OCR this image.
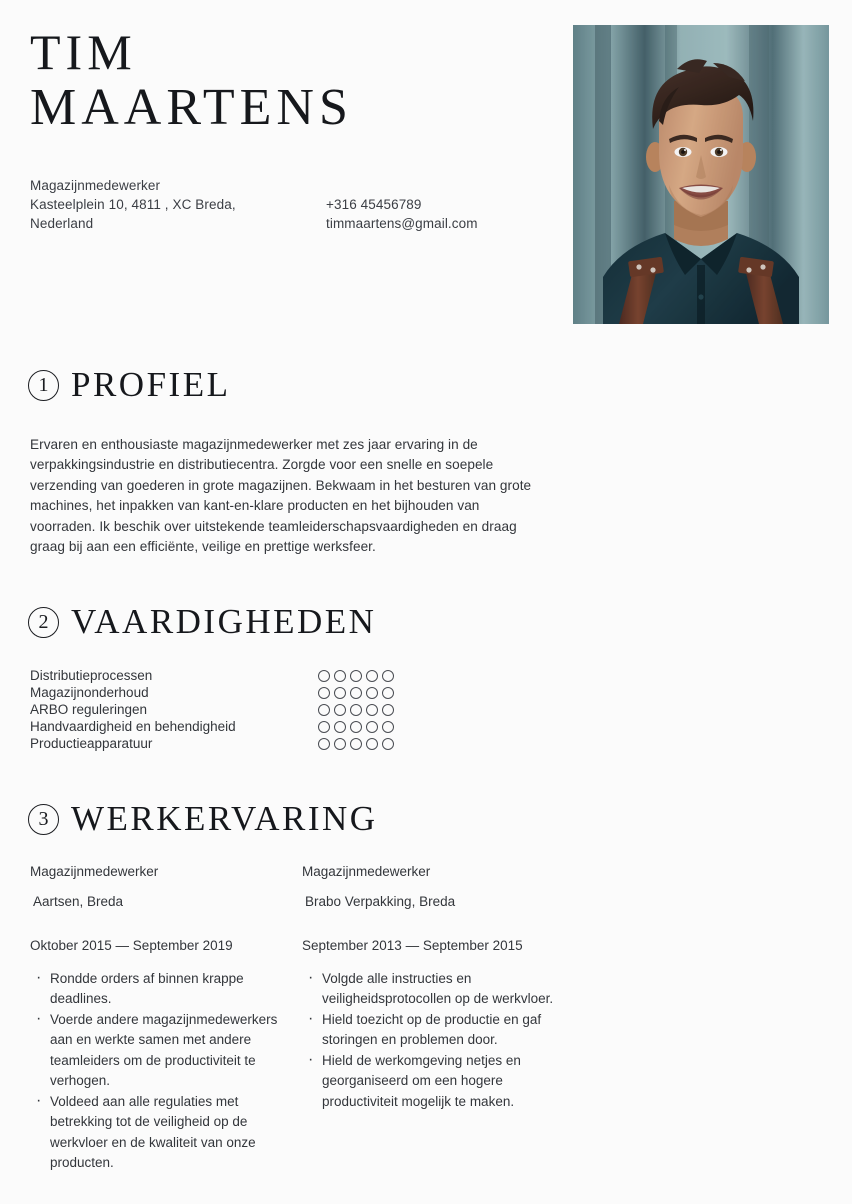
TIM
MAARTENS
Magazijnmedewerker
Kasteelplein 10, 4811 , XC Breda,
Nederland
+316 45456789
timmaartens@gmail.com
1 PROFIEL
Ervaren en enthousiaste magazijnmedewerker met zes jaar ervaring in de verpakkingsindustrie en distributiecentra. Zorgde voor een snelle en soepele verzending van goederen in grote magazijnen. Bekwaam in het besturen van grote machines, het inpakken van kant-en-klare producten en het bijhouden van voorraden. Ik beschik over uitstekende teamleiderschapsvaardigheden en draag graag bij aan een efficiënte, veilige en prettige werksfeer.
2 VAARDIGHEDEN
Distributieprocessen
Magazijnonderhoud
ARBO reguleringen
Handvaardigheid en behendigheid
Productieapparatuur
3 WERKERVARING
Magazijnmedewerker
Aartsen, Breda
Oktober 2015 — September 2019
· Rondde orders af binnen krappe deadlines.
· Voerde andere magazijnmedewerkers aan en werkte samen met andere teamleiders om de productiviteit te verhogen.
· Voldeed aan alle regulaties met betrekking tot de veiligheid op de werkvloer en de kwaliteit van onze producten.
Magazijnmedewerker
Brabo Verpakking, Breda
September 2013 — September 2015
· Volgde alle instructies en veiligheidsprotocollen op de werkvloer.
· Hield toezicht op de productie en gaf storingen en problemen door.
· Hield de werkomgeving netjes en georganiseerd om een hogere productiviteit mogelijk te maken.
